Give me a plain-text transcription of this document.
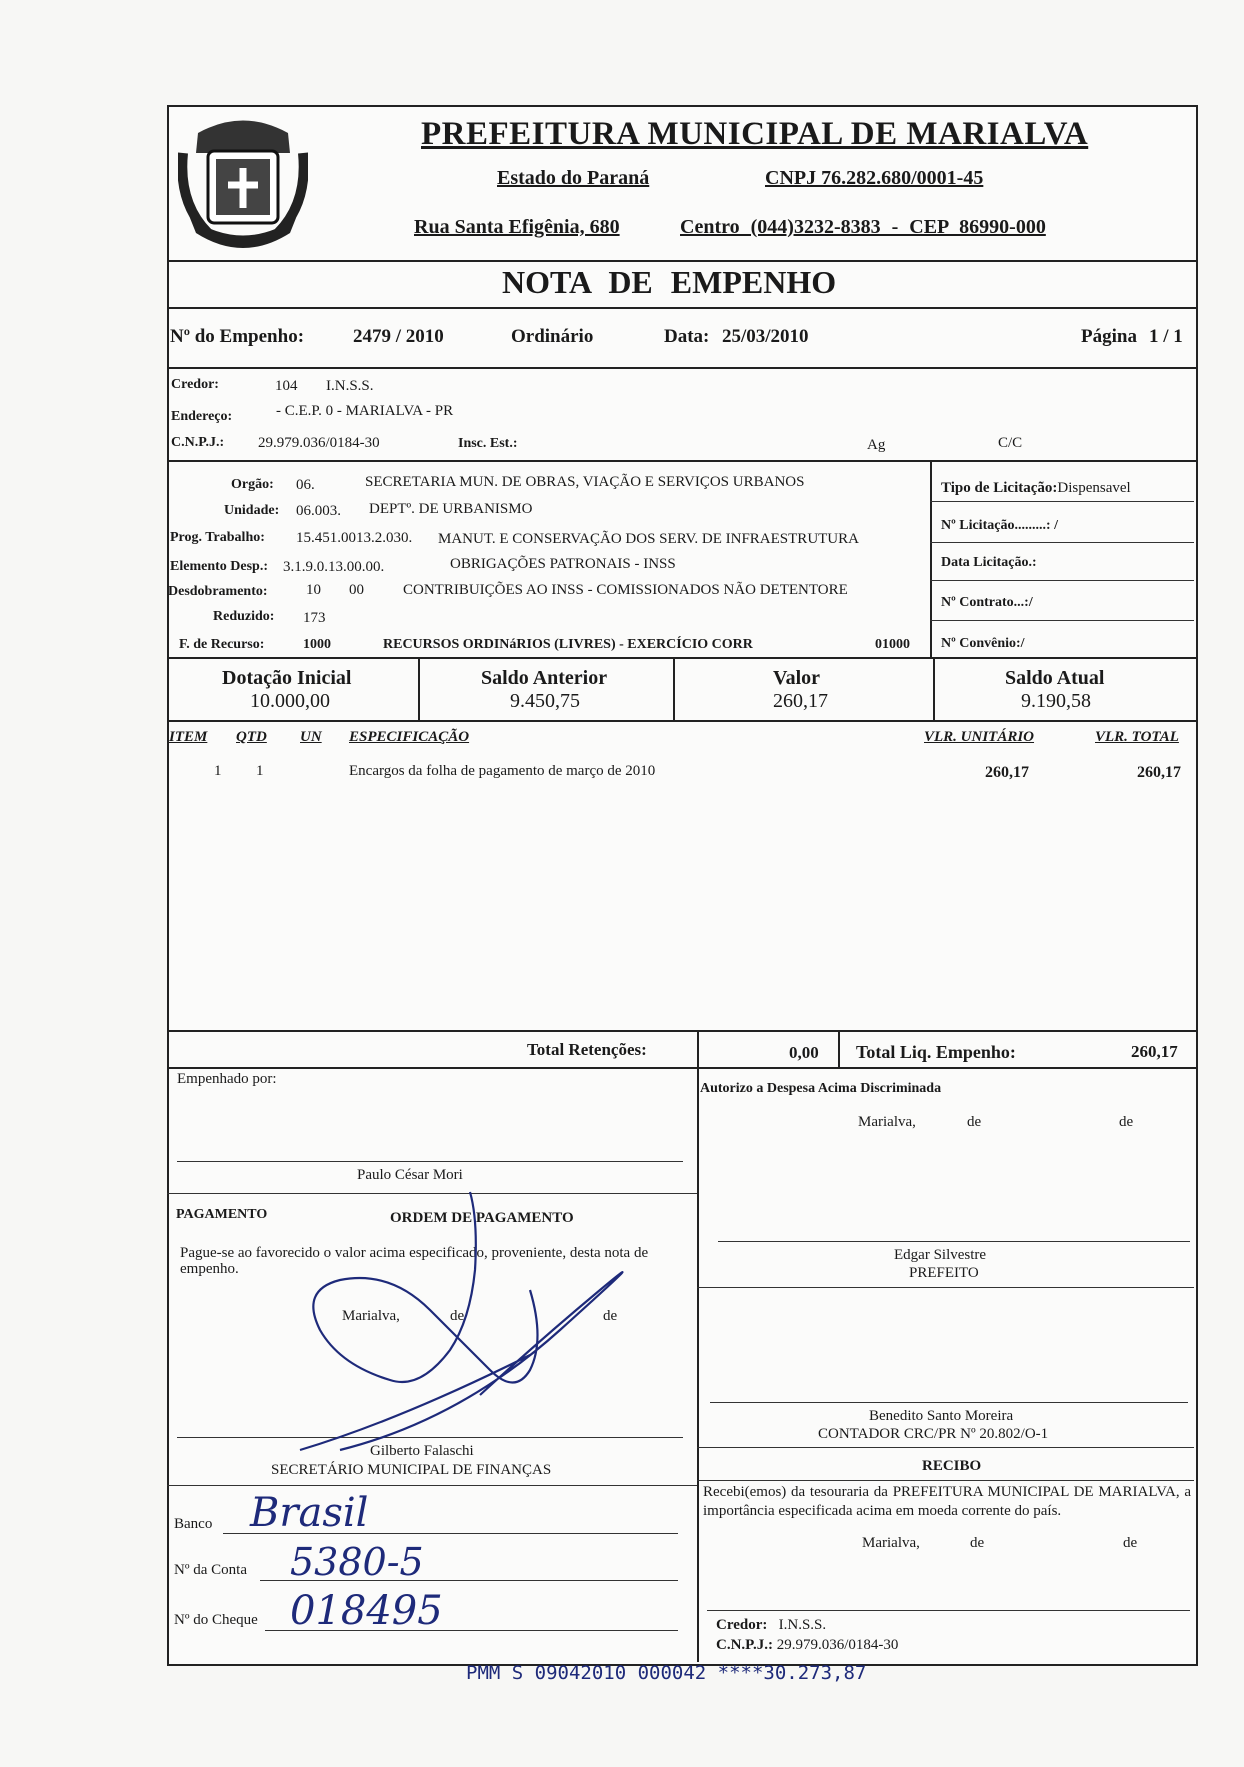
PREFEITURA MUNICIPAL DE MARIALVA
Estado do Paraná	CNPJ 76.282.680/0001-45
Rua Santa Efigênia, 680	Centro (044)3232-8383 - CEP 86990-000
NOTA DE EMPENHO
Nº do Empenho:	2479 / 2010	Ordinário	Data: 25/03/2010	Página 1 / 1
Credor:	104 I.N.S.S.
Endereço:	- C.E.P. 0 - MARIALVA - PR
C.N.P.J.: 29.979.036/0184-30	Insc. Est.:	Ag	C/C
Orgão: 06.	SECRETARIA MUN. DE OBRAS, VIAÇÃO E SERVIÇOS URBANOS
Unidade: 06.003. DEPTº. DE URBANISMO
Prog. Trabalho: 15.451.0013.2.030. MANUT. E CONSERVAÇÃO DOS SERV. DE INFRAESTRUTURA
Elemento Desp.: 3.1.9.0.13.00.00.	OBRIGAÇÕES PATRONAIS - INSS
Desdobramento:	10 00	CONTRIBUIÇÕES AO INSS - COMISSIONADOS NÃO DETENTORE
Reduzido: 173
F. de Recurso:	1000	RECURSOS ORDINáRIOS (LIVRES) - EXERCÍCIO CORR	01000
Tipo de Licitação:Dispensavel
Nº Licitação.........: /
Data Licitação.:
Nº Contrato...:/
Nº Convênio:/
Dotação Inicial
10.000,00
Saldo Anterior
9.450,75
Valor
260,17
Saldo Atual
9.190,58
ITEM QTD UN ESPECIFICAÇÃO	VLR. UNITÁRIO	VLR. TOTAL
1 1	Encargos da folha de pagamento de março de 2010	260,17	260,17
Total Retenções:	0,00 Total Liq. Empenho:	260,17
Empenhado por:
Paulo César Mori
PAGAMENTO	ORDEM DE PAGAMENTO
Pague-se ao favorecido o valor acima especificado, proveniente, desta nota de empenho.
Marialva,	de	de
Gilberto Falaschi
SECRETÁRIO MUNICIPAL DE FINANÇAS
Banco Brasil
Nº da Conta 5380-5
Nº do Cheque 018495
Autorizo a Despesa Acima Discriminada
Marialva,	de	de
Edgar Silvestre
PREFEITO
Benedito Santo Moreira
CONTADOR CRC/PR Nº 20.802/O-1
RECIBO
Recebi(emos) da tesouraria da PREFEITURA MUNICIPAL DE MARIALVA, a importância especificada acima em moeda corrente do país.
Marialva,	de	de
Credor: I.N.S.S.
C.N.P.J.: 29.979.036/0184-30
PMM S 09042010 000042 ****30.273,87
